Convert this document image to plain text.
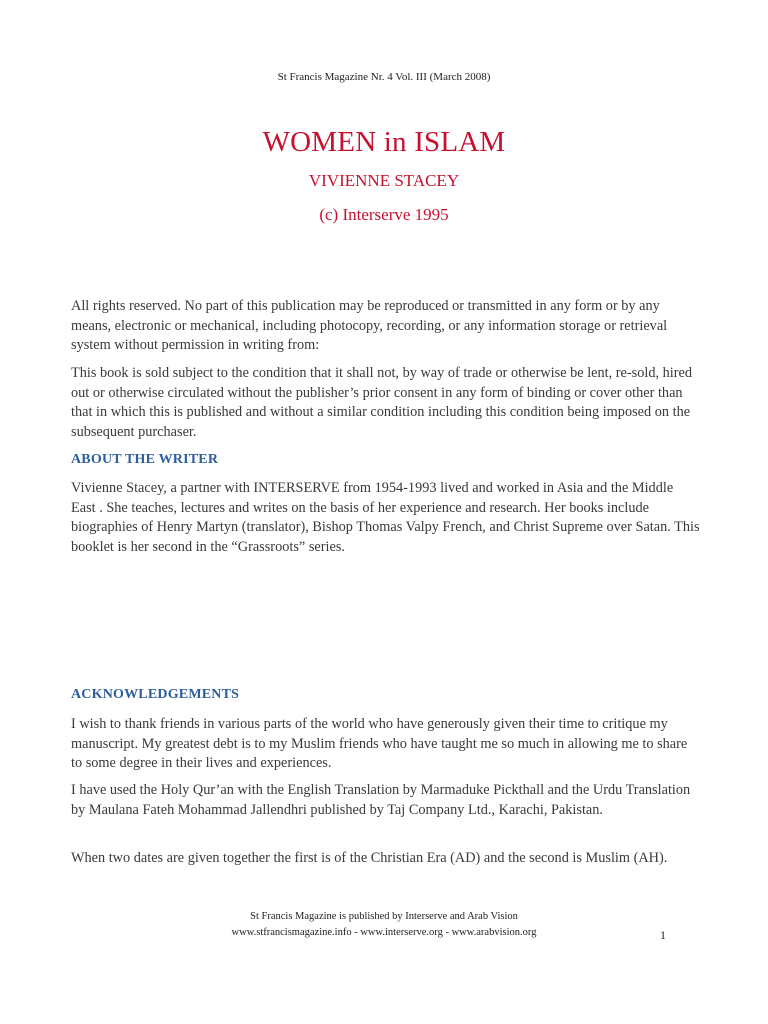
St Francis Magazine Nr. 4 Vol. III (March 2008)
WOMEN in ISLAM
VIVIENNE STACEY
(c) Interserve 1995

All rights reserved. No part of this publication may be reproduced or transmitted in any form or by any means, electronic or mechanical, including photocopy, recording, or any information storage or retrieval system without permission in writing from:

This book is sold subject to the condition that it shall not, by way of trade or otherwise be lent, re-sold, hired out or otherwise circulated without the publisher’s prior consent in any form of binding or cover other than that in which this is published and without a similar condition including this condition being imposed on the subsequent purchaser.

ABOUT THE WRITER

Vivienne Stacey, a partner with INTERSERVE from 1954-1993 lived and worked in Asia and the Middle East . She teaches, lectures and writes on the basis of her experience and research. Her books include biographies of Henry Martyn (translator), Bishop Thomas Valpy French, and Christ Supreme over Satan. This booklet is her second in the “Grassroots” series.

ACKNOWLEDGEMENTS

I wish to thank friends in various parts of the world who have generously given their time to critique my manuscript. My greatest debt is to my Muslim friends who have taught me so much in allowing me to share to some degree in their lives and experiences.

I have used the Holy Qur’an with the English Translation by Marmaduke Pickthall and the Urdu Translation by Maulana Fateh Mohammad Jallendhri published by Taj Company Ltd., Karachi, Pakistan.

When two dates are given together the first is of the Christian Era (AD) and the second is Muslim (AH).

St Francis Magazine is published by Interserve and Arab Vision
www.stfrancismagazine.info - www.interserve.org - www.arabvision.org	1
